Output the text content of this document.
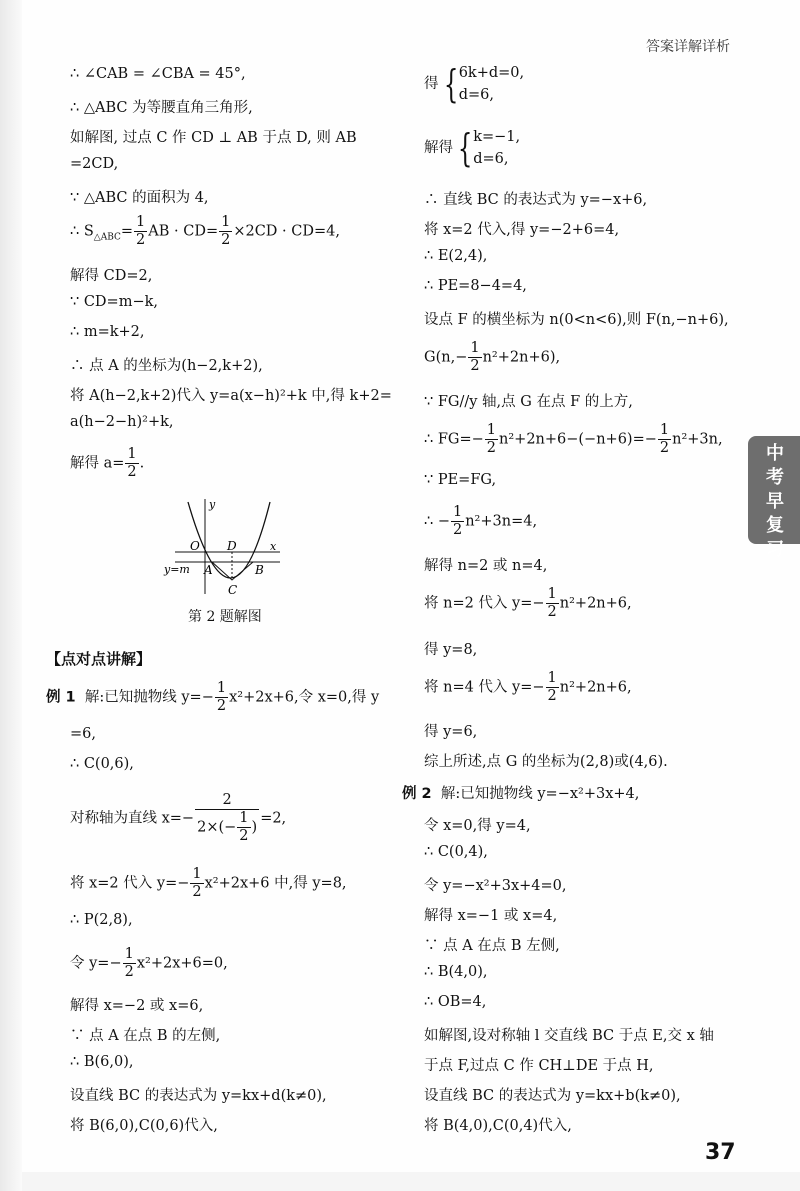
答案详解详析
中考早复习
∴ ∠CAB = ∠CBA = 45°,
∴ △ABC 为等腰直角三角形,
如解图, 过点 C 作 CD ⊥ AB 于点 D, 则 AB
=2CD,
∵ △ABC 的面积为 4,
∴ $S_{\triangle ABC}= \frac{1}{2}$ AB · $CD= \frac{1}{2} \times 2CD \cdot CD=4$,
解得 CD=2,
∵ CD=m−k,
∴ m=k+2,
∴ 点 A 的坐标为(h−2,k+2),
将 A(h−2,k+2)代入 y=a(x−h)²+k 中,得 k+2=
a(h−2−h)²+k,
解得 $a= \frac{1}{2}$ .
y
x
O D
A	B
C
y=m
第 2 题解图
【点对点讲解】
例 1 解:已知抛物线 $y=- \frac{1}{2} x^2+2x+6$,令 x=0,得 y
=6,
∴ C(0,6),
对称轴为直线 $x=- \frac{2}{2\times(- \frac{1}{2} )} =2$,
将 x=2 代入 $y=- \frac{1}{2} x^2+2x+6$ 中,得 y=8,
∴ P(2,8),
令 $y=- \frac{1}{2} x^2+2x+6=0$,
解得 x=−2 或 x=6,
∵ 点 A 在点 B 的左侧,
∴ B(6,0),
设直线 BC 的表达式为 y=kx+d(k≠0),
将 B(6,0),C(0,6)代入,
得 { 6k+d=0,
d=6,
解得 { k=−1,
d=6,
∴ 直线 BC 的表达式为 y=−x+6,
将 x=2 代入,得 y=−2+6=4,
∴ E(2,4),
∴ PE=8−4=4,
设点 F 的横坐标为 n(0<n<6),则 F(n,−n+6),
$G(n,- \frac{1}{2} n^2+2n+6)$,
∵ FG//y 轴,点 G 在点 F 的上方,
∴ $FG=- \frac{1}{2} n^2+2n+6-(-n+6)=- \frac{1}{2} n^2+3n$,
∵ PE=FG,
∴ − $\frac{1}{2} n^2+3n=4$,
解得 n=2 或 n=4,
将 n=2 代入 $y=- \frac{1}{2} n^2+2n+6$,
得 y=8,
将 n=4 代入 $y=- \frac{1}{2} n^2+2n+6$,
得 y=6,
综上所述,点 G 的坐标为(2,8)或(4,6).
例 2 解:已知抛物线 y=−x²+3x+4,
令 x=0,得 y=4,
∴ C(0,4),
令 y=−x²+3x+4=0,
解得 x=−1 或 x=4,
∵ 点 A 在点 B 左侧,
∴ B(4,0),
∴ OB=4,
如解图,设对称轴 l 交直线 BC 于点 E,交 x 轴
于点 F,过点 C 作 CH⊥DE 于点 H,
设直线 BC 的表达式为 y=kx+b(k≠0),
将 B(4,0),C(0,4)代入,
37
